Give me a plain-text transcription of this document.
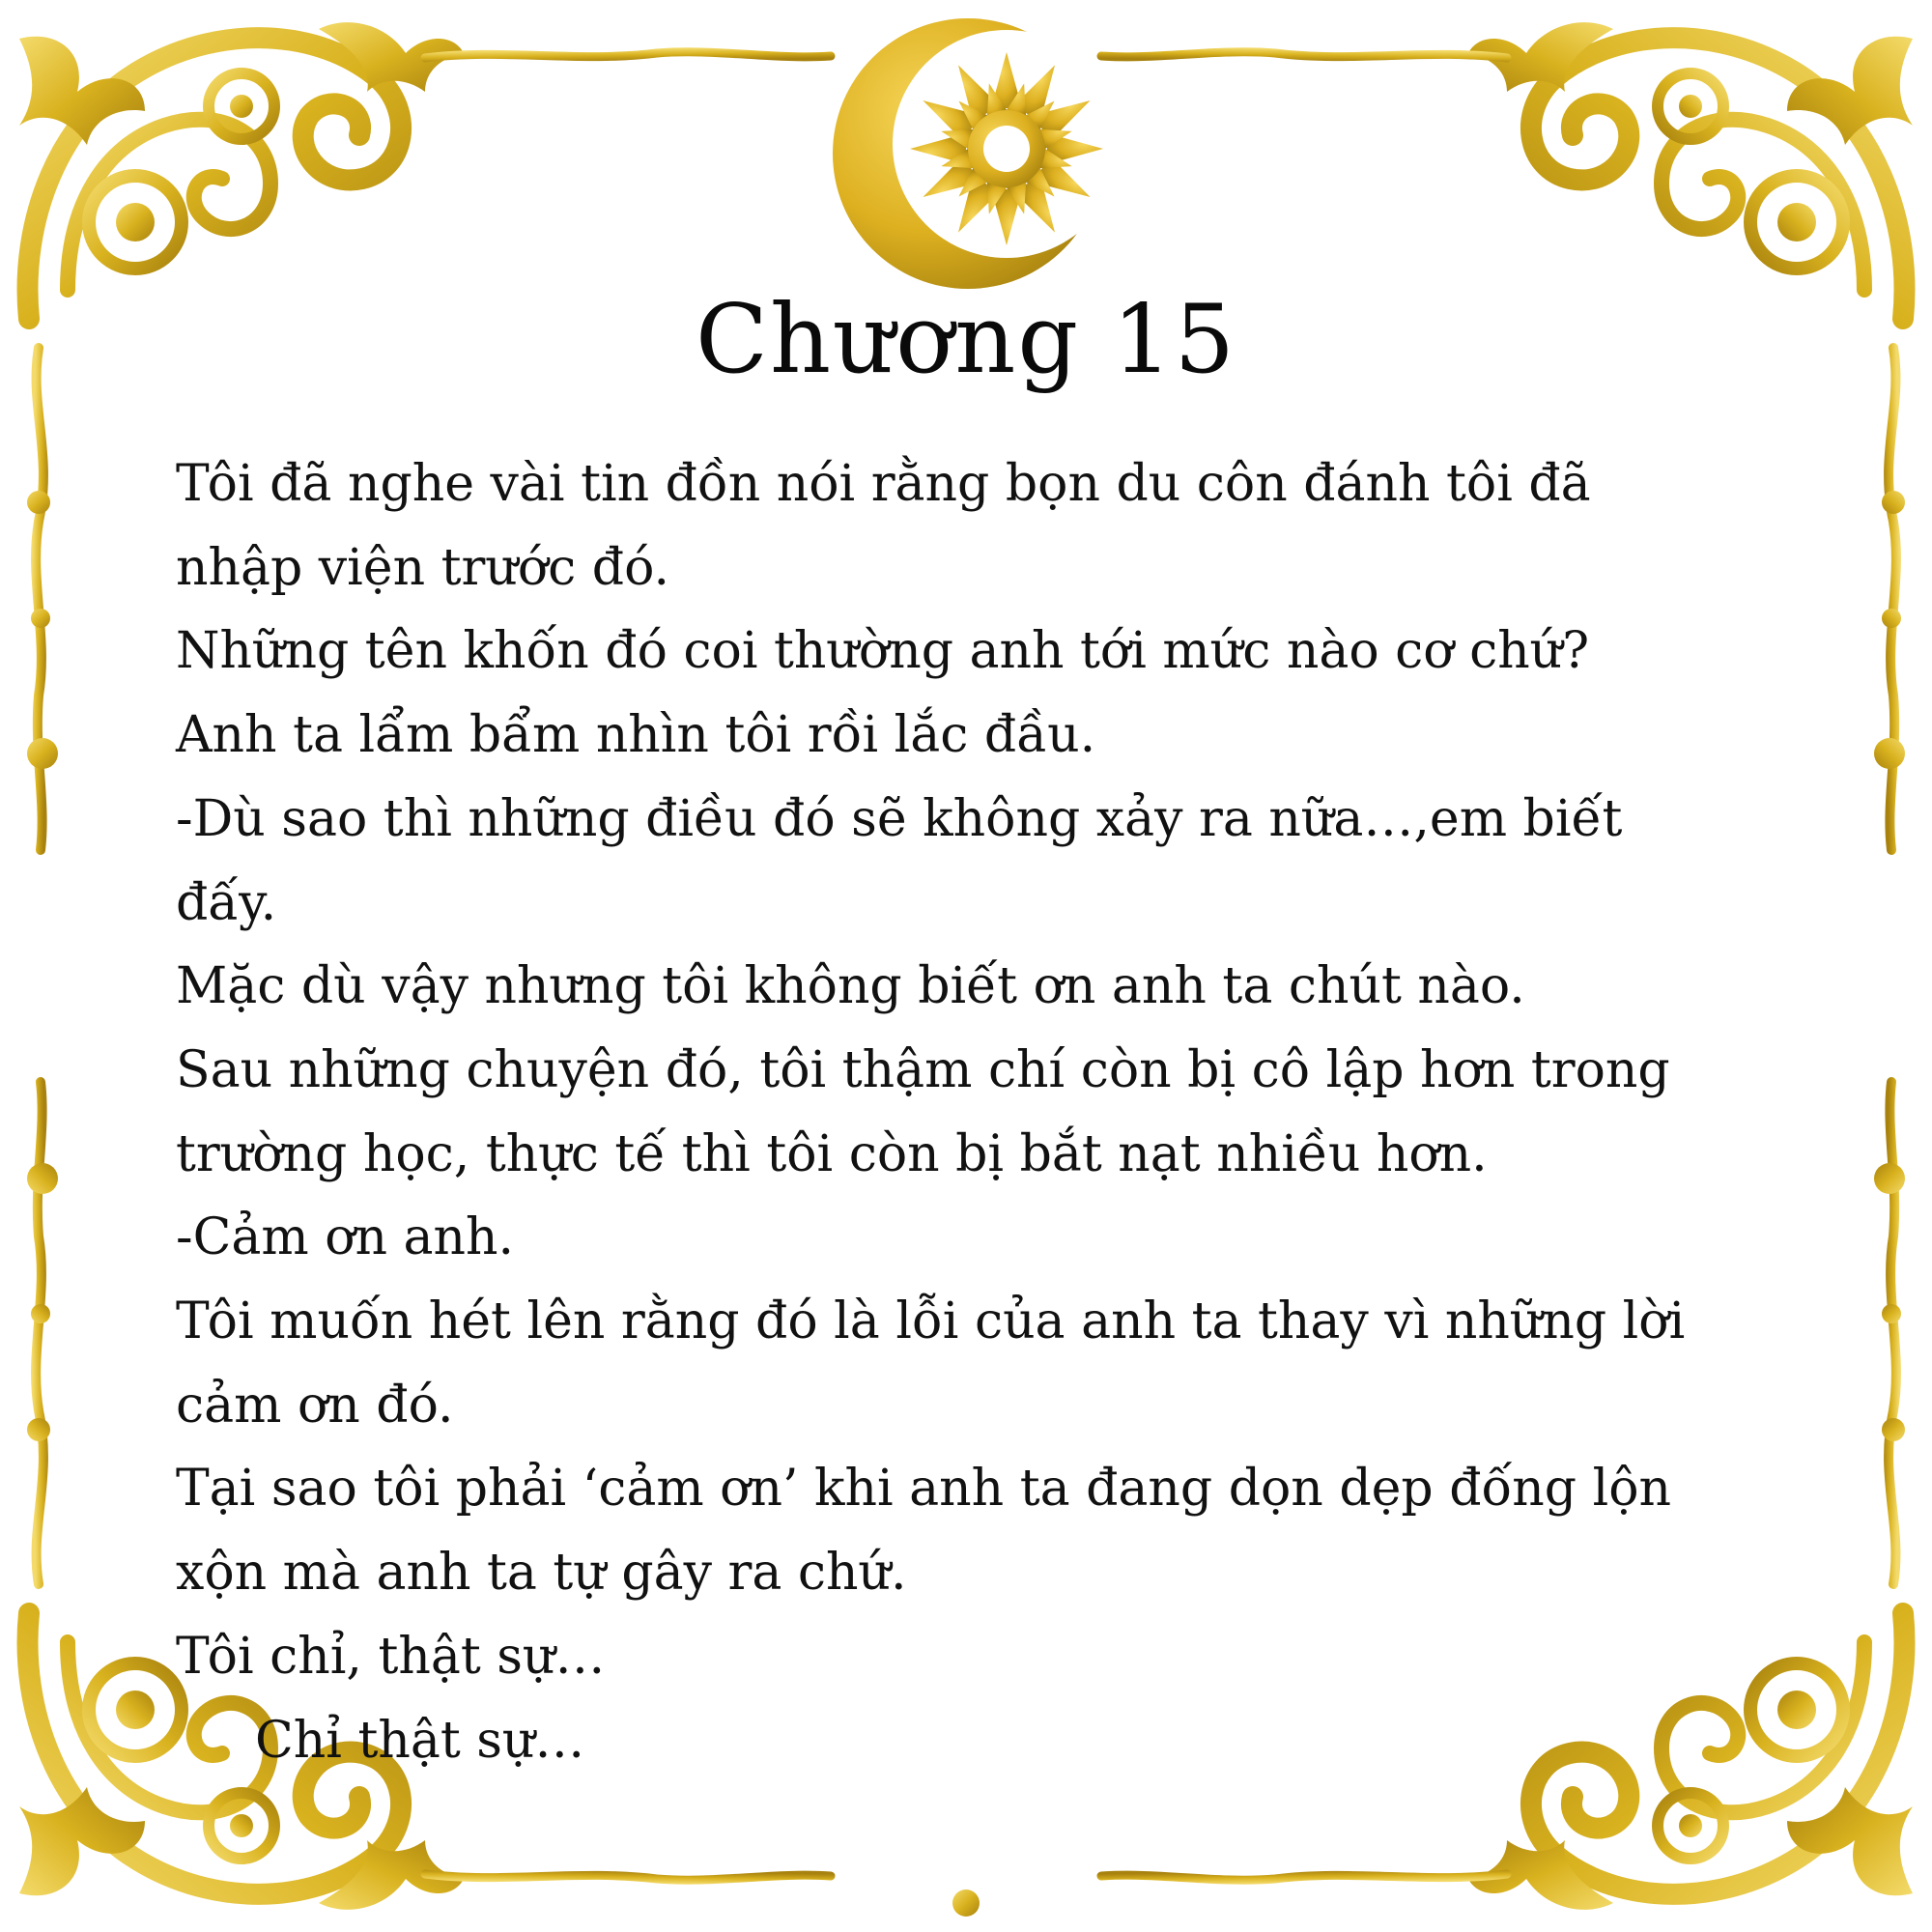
Chương 15
Tôi đã nghe vài tin đồn nói rằng bọn du côn đánh tôi đã
nhập viện trước đó.
Những tên khốn đó coi thường anh tới mức nào cơ chứ?
Anh ta lẩm bẩm nhìn tôi rồi lắc đầu.
-Dù sao thì những điều đó sẽ không xảy ra nữa…,em biết
đấy.
Mặc dù vậy nhưng tôi không biết ơn anh ta chút nào.
Sau những chuyện đó, tôi thậm chí còn bị cô lập hơn trong
trường học, thực tế thì tôi còn bị bắt nạt nhiều hơn.
-Cảm ơn anh.
Tôi muốn hét lên rằng đó là lỗi của anh ta thay vì những lời
cảm ơn đó.
Tại sao tôi phải ‘cảm ơn’ khi anh ta đang dọn dẹp đống lộn
xộn mà anh ta tự gây ra chứ.
Tôi chỉ, thật sự…
Chỉ thật sự…
